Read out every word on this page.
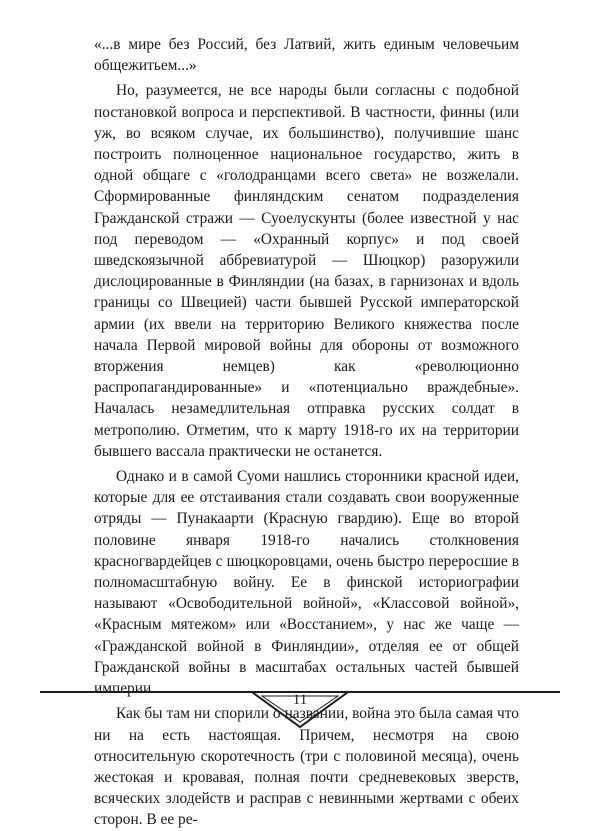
«...в мире без Россий, без Латвий, жить единым человечьим общежитьем...»

Но, разумеется, не все народы были согласны с подобной постановкой вопроса и перспективой. В частности, финны (или уж, во всяком случае, их большинство), получившие шанс построить полноценное национальное государство, жить в одной общаге с «голодранцами всего света» не возжелали. Сформированные финляндским сенатом подразделения Гражданской стражи — Суоелускунты (более известной у нас под переводом — «Охранный корпус» и под своей шведскоязычной аббревиатурой — Шюцкор) разоружили дислоцированные в Финляндии (на базах, в гарнизонах и вдоль границы со Швецией) части бывшей Русской императорской армии (их ввели на территорию Великого княжества после начала Первой мировой войны для обороны от возможного вторжения немцев) как «революционно распропагандированные» и «потенциально враждебные». Началась незамедлительная отправка русских солдат в метрополию. Отметим, что к марту 1918-го их на территории бывшего вассала практически не останется.

Однако и в самой Суоми нашлись сторонники красной идеи, которые для ее отстаивания стали создавать свои вооруженные отряды — Пунакаарти (Красную гвардию). Еще во второй половине января 1918-го начались столкновения красногвардейцев с шюцкоровцами, очень быстро переросшие в полномасштабную войну. Ее в финской историографии называют «Освободительной войной», «Классовой войной», «Красным мятежом» или «Восстанием», у нас же чаще — «Гражданской войной в Финляндии», отделяя ее от общей Гражданской войны в масштабах остальных частей бывшей империи.

Как бы там ни спорили о названии, война это была самая что ни на есть настоящая. Причем, несмотря на свою относительную скоротечность (три с половиной месяца), очень жестокая и кровавая, полная почти средневековых зверств, всяческих злодейств и расправ с невинными жертвами с обеих сторон. В ее ре-

11
